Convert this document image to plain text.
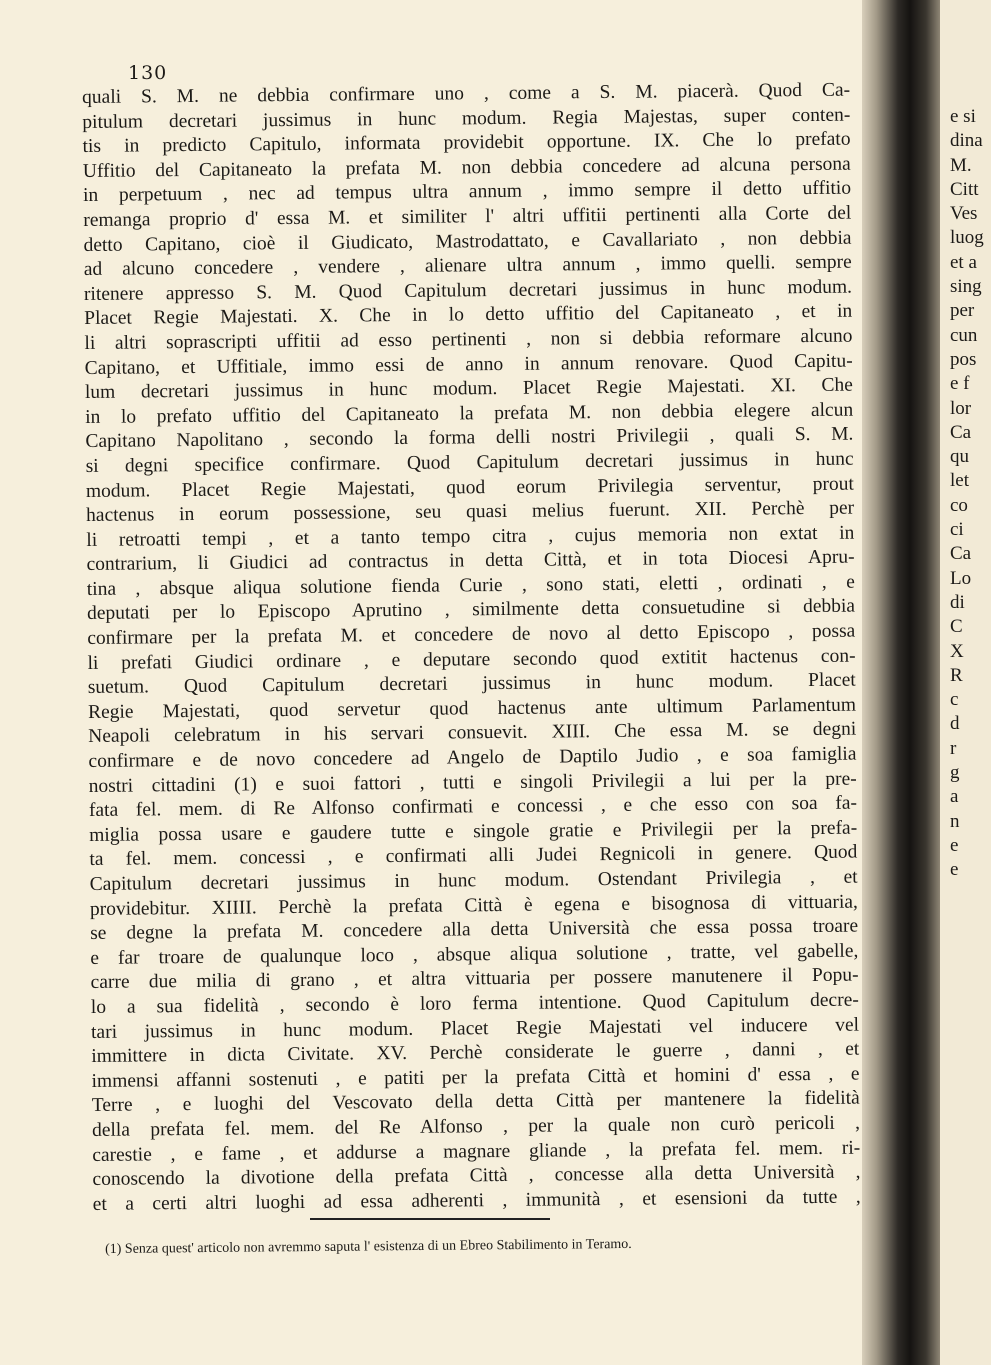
130
quali S. M. ne debbia confirmare uno , come a S. M. piacerà. Quod Ca-
pitulum decretari jussimus in hunc modum. Regia Majestas, super conten-
tis in predicto Capitulo, informata providebit opportune. IX. Che lo prefato
Uffitio del Capitaneato la prefata M. non debbia concedere ad alcuna persona
in perpetuum , nec ad tempus ultra annum , immo sempre il detto uffitio
remanga proprio d' essa M. et similiter l' altri uffitii pertinenti alla Corte del
detto Capitano, cioè il Giudicato, Mastrodattato, e Cavallariato , non debbia
ad alcuno concedere , vendere , alienare ultra annum , immo quelli. sempre
ritenere appresso S. M. Quod Capitulum decretari jussimus in hunc modum.
Placet Regie Majestati. X. Che in lo detto uffitio del Capitaneato , et in
li altri soprascripti uffitii ad esso pertinenti , non si debbia reformare alcuno
Capitano, et Uffitiale, immo essi de anno in annum renovare. Quod Capitu-
lum decretari jussimus in hunc modum. Placet Regie Majestati. XI. Che
in lo prefato uffitio del Capitaneato la prefata M. non debbia elegere alcun
Capitano Napolitano , secondo la forma delli nostri Privilegii , quali S. M.
si degni specifice confirmare. Quod Capitulum decretari jussimus in hunc
modum. Placet Regie Majestati, quod eorum Privilegia serventur, prout
hactenus in eorum possessione, seu quasi melius fuerunt. XII. Perchè per
li retroatti tempi , et a tanto tempo citra , cujus memoria non extat in
contrarium, li Giudici ad contractus in detta Città, et in tota Diocesi Apru-
tina , absque aliqua solutione fienda Curie , sono stati, eletti , ordinati , e
deputati per lo Episcopo Aprutino , similmente detta consuetudine si debbia
confirmare per la prefata M. et concedere de novo al detto Episcopo , possa
li prefati Giudici ordinare , e deputare secondo quod extitit hactenus con-
suetum. Quod Capitulum decretari jussimus in hunc modum. Placet
Regie Majestati, quod servetur quod hactenus ante ultimum Parlamentum
Neapoli celebratum in his servari consuevit. XIII. Che essa M. se degni
confirmare e de novo concedere ad Angelo de Daptilo Judio , e soa famiglia
nostri cittadini (1) e suoi fattori , tutti e singoli Privilegii a lui per la pre-
fata fel. mem. di Re Alfonso confirmati e concessi , e che esso con soa fa-
miglia possa usare e gaudere tutte e singole gratie e Privilegii per la prefa-
ta fel. mem. concessi , e confirmati alli Judei Regnicoli in genere. Quod
Capitulum decretari jussimus in hunc modum. Ostendant Privilegia , et
providebitur. XIIII. Perchè la prefata Città è egena e bisognosa di vittuaria,
se degne la prefata M. concedere alla detta Università che essa possa troare
e far troare de qualunque loco , absque aliqua solutione , tratte, vel gabelle,
carre due milia di grano , et altra vittuaria per possere manutenere il Popu-
lo a sua fidelità , secondo è loro ferma intentione. Quod Capitulum decre-
tari jussimus in hunc modum. Placet Regie Majestati vel inducere vel
immittere in dicta Civitate. XV. Perchè considerate le guerre , danni , et
immensi affanni sostenuti , e patiti per la prefata Città et homini d' essa , e
Terre , e luoghi del Vescovato della detta Città per mantenere la fidelità
della prefata fel. mem. del Re Alfonso , per la quale non curò pericoli ,
carestie , e fame , et addurse a magnare gliande , la prefata fel. mem. ri-
conoscendo la divotione della prefata Città , concesse alla detta Università ,
et a certi altri luoghi ad essa adherenti , immunità , et esensioni da tutte ,
(1) Senza quest' articolo non avremmo saputa l' esistenza di un Ebreo Stabilimento in Teramo.
e si
dina
M.
Citt
Ves
luog
et a
sing
per
cun
pos
e f
lor
Ca
qu
let
co
ci
Ca
Lo
di
C
X
R
c
d
r
g
a
n
e
e
